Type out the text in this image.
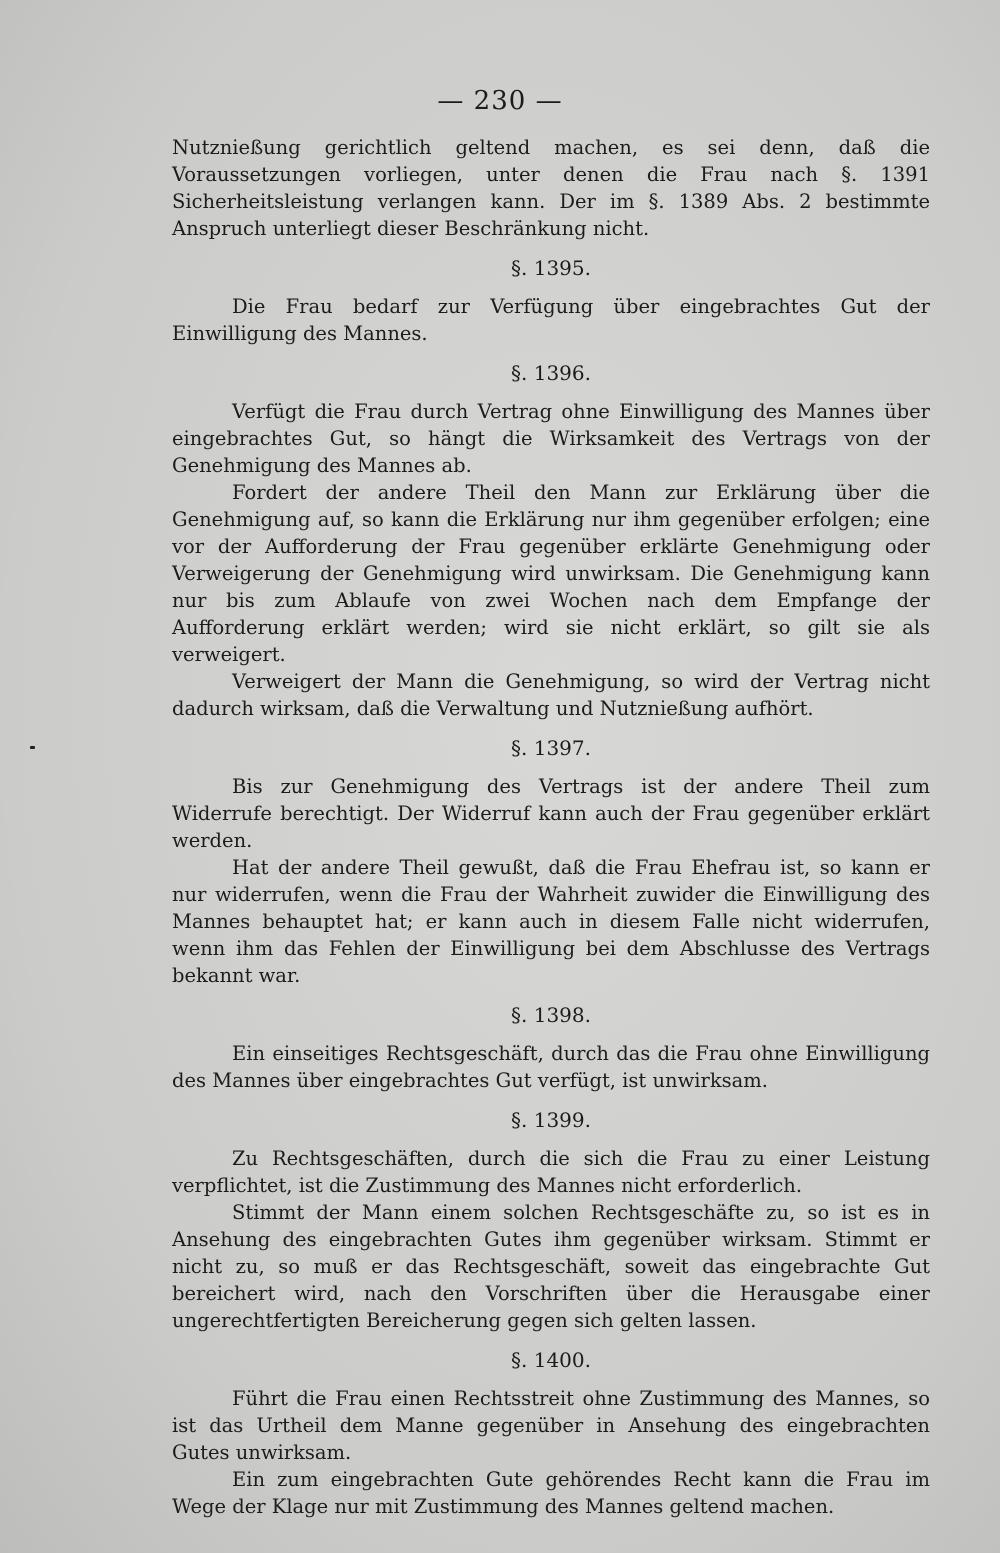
— 230 —

Nutznießung gerichtlich geltend machen, es sei denn, daß die Voraussetzungen vorliegen, unter denen die Frau nach §. 1391 Sicherheitsleistung verlangen kann. Der im §. 1389 Abs. 2 bestimmte Anspruch unterliegt dieser Beschränkung nicht.

§. 1395.

Die Frau bedarf zur Verfügung über eingebrachtes Gut der Einwilligung des Mannes.

§. 1396.

Verfügt die Frau durch Vertrag ohne Einwilligung des Mannes über eingebrachtes Gut, so hängt die Wirksamkeit des Vertrags von der Genehmigung des Mannes ab.

Fordert der andere Theil den Mann zur Erklärung über die Genehmigung auf, so kann die Erklärung nur ihm gegenüber erfolgen; eine vor der Aufforderung der Frau gegenüber erklärte Genehmigung oder Verweigerung der Genehmigung wird unwirksam. Die Genehmigung kann nur bis zum Ablaufe von zwei Wochen nach dem Empfange der Aufforderung erklärt werden; wird sie nicht erklärt, so gilt sie als verweigert.

Verweigert der Mann die Genehmigung, so wird der Vertrag nicht dadurch wirksam, daß die Verwaltung und Nutznießung aufhört.

§. 1397.

Bis zur Genehmigung des Vertrags ist der andere Theil zum Widerrufe berechtigt. Der Widerruf kann auch der Frau gegenüber erklärt werden.

Hat der andere Theil gewußt, daß die Frau Ehefrau ist, so kann er nur widerrufen, wenn die Frau der Wahrheit zuwider die Einwilligung des Mannes behauptet hat; er kann auch in diesem Falle nicht widerrufen, wenn ihm das Fehlen der Einwilligung bei dem Abschlusse des Vertrags bekannt war.

§. 1398.

Ein einseitiges Rechtsgeschäft, durch das die Frau ohne Einwilligung des Mannes über eingebrachtes Gut verfügt, ist unwirksam.

§. 1399.

Zu Rechtsgeschäften, durch die sich die Frau zu einer Leistung verpflichtet, ist die Zustimmung des Mannes nicht erforderlich.

Stimmt der Mann einem solchen Rechtsgeschäfte zu, so ist es in Ansehung des eingebrachten Gutes ihm gegenüber wirksam. Stimmt er nicht zu, so muß er das Rechtsgeschäft, soweit das eingebrachte Gut bereichert wird, nach den Vorschriften über die Herausgabe einer ungerechtfertigten Bereicherung gegen sich gelten lassen.

§. 1400.

Führt die Frau einen Rechtsstreit ohne Zustimmung des Mannes, so ist das Urtheil dem Manne gegenüber in Ansehung des eingebrachten Gutes unwirksam.

Ein zum eingebrachten Gute gehörendes Recht kann die Frau im Wege der Klage nur mit Zustimmung des Mannes geltend machen.
